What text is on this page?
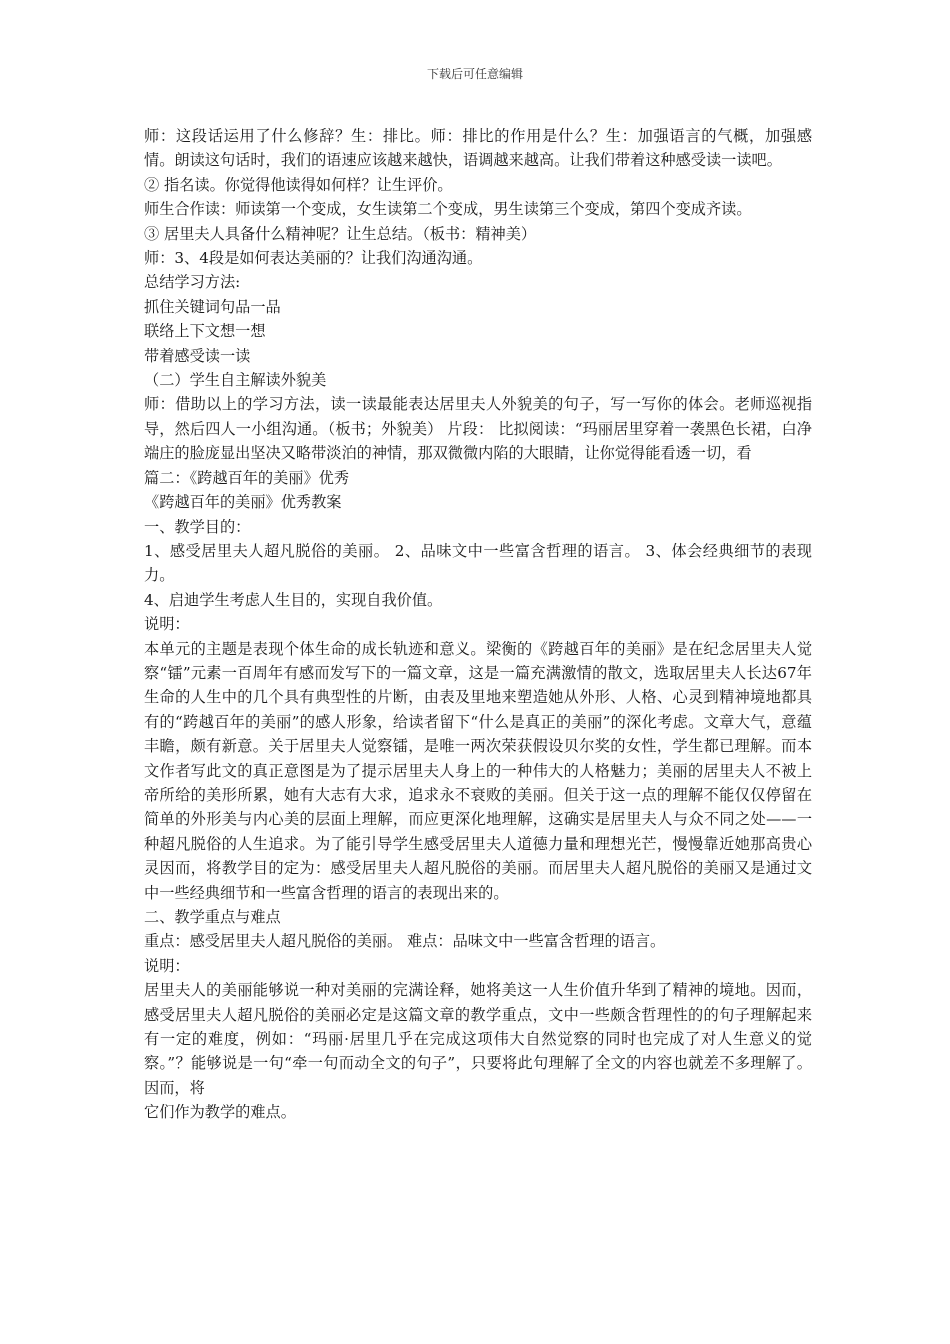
下载后可任意编辑

师：这段话运用了什么修辞？生：排比。师：排比的作用是什么？生：加强语言的气概，加强感情。朗读这句话时，我们的语速应该越来越快，语调越来越高。让我们带着这种感受读一读吧。

② 指名读。你觉得他读得如何样？让生评价。

师生合作读：师读第一个变成，女生读第二个变成，男生读第三个变成，第四个变成齐读。

③ 居里夫人具备什么精神呢？让生总结。（板书：精神美）

师：3、4段是如何表达美丽的？让我们沟通沟通。

总结学习方法:

抓住关键词句品一品

联络上下文想一想

带着感受读一读

（二）学生自主解读外貌美

师：借助以上的学习方法，读一读最能表达居里夫人外貌美的句子，写一写你的体会。老师巡视指导，然后四人一小组沟通。（板书；外貌美） 片段： 比拟阅读：“玛丽居里穿着一袭黑色长裙，白净端庄的脸庞显出坚决又略带淡泊的神情，那双微微内陷的大眼睛，让你觉得能看透一切，看

篇二：《跨越百年的美丽》优秀

《跨越百年的美丽》优秀教案

一、教学目的：

1、感受居里夫人超凡脱俗的美丽。 2、品味文中一些富含哲理的语言。 3、体会经典细节的表现力。

4、启迪学生考虑人生目的，实现自我价值。

说明：

本单元的主题是表现个体生命的成长轨迹和意义。梁衡的《跨越百年的美丽》是在纪念居里夫人觉察“镭”元素一百周年有感而发写下的一篇文章，这是一篇充满激情的散文，选取居里夫人长达67年生命的人生中的几个具有典型性的片断，由表及里地来塑造她从外形、人格、心灵到精神境地都具有的“跨越百年的美丽”的感人形象，给读者留下“什么是真正的美丽”的深化考虑。文章大气，意蕴丰瞻，颇有新意。关于居里夫人觉察镭，是唯一两次荣获假设贝尔奖的女性，学生都已理解。而本文作者写此文的真正意图是为了提示居里夫人身上的一种伟大的人格魅力；美丽的居里夫人不被上帝所给的美形所累，她有大志有大求，追求永不衰败的美丽。但关于这一点的理解不能仅仅停留在简单的外形美与内心美的层面上理解，而应更深化地理解，这确实是居里夫人与众不同之处——一种超凡脱俗的人生追求。为了能引导学生感受居里夫人道德力量和理想光芒，慢慢靠近她那高贵心灵因而，将教学目的定为：感受居里夫人超凡脱俗的美丽。而居里夫人超凡脱俗的美丽又是通过文中一些经典细节和一些富含哲理的语言的表现出来的。

二、教学重点与难点

重点：感受居里夫人超凡脱俗的美丽。 难点：品味文中一些富含哲理的语言。

说明：

居里夫人的美丽能够说一种对美丽的完满诠释，她将美这一人生价值升华到了精神的境地。因而，感受居里夫人超凡脱俗的美丽必定是这篇文章的教学重点，文中一些颇含哲理性的的句子理解起来有一定的难度，例如：“玛丽·居里几乎在完成这项伟大自然觉察的同时也完成了对人生意义的觉察。”？能够说是一句“牵一句而动全文的句子”，只要将此句理解了全文的内容也就差不多理解了。因而，将

它们作为教学的难点。
